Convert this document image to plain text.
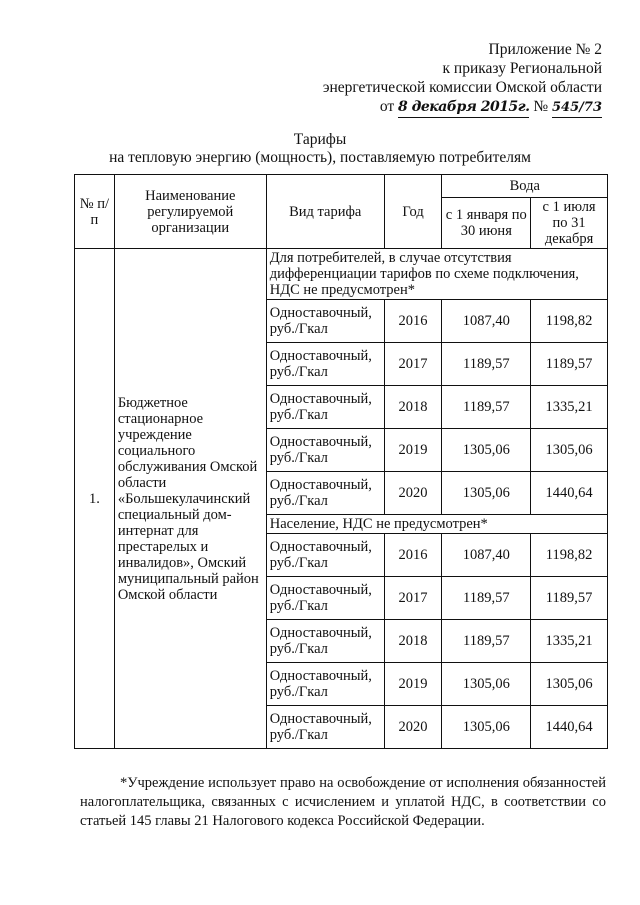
Приложение № 2
к приказу Региональной
энергетической комиссии Омской области
от 8 декабря 2015г. № 545/73
Тарифы
на тепловую энергию (мощность), поставляемую потребителям
№ п/п	Наименование регулируемой организации	Вид тарифа	Год	Вода	
				с 1 января по 30 июня	с 1 июля по 31 декабря
1.	Бюджетное стационарное учреждение социального обслуживания Омской области «Большекулачинский специальный дом-интернат для престарелых и инвалидов», Омский муниципальный район Омской области	Для потребителей, в случае отсутствия дифференциации тарифов по схеме подключения, НДС не предусмотрен*			
		Одноставочный, руб./Гкал	2016	1087,40	1198,82
		Одноставочный, руб./Гкал	2017	1189,57	1189,57
		Одноставочный, руб./Гкал	2018	1189,57	1335,21
		Одноставочный, руб./Гкал	2019	1305,06	1305,06
		Одноставочный, руб./Гкал	2020	1305,06	1440,64
		Население, НДС не предусмотрен*			
		Одноставочный, руб./Гкал	2016	1087,40	1198,82
		Одноставочный, руб./Гкал	2017	1189,57	1189,57
		Одноставочный, руб./Гкал	2018	1189,57	1335,21
		Одноставочный, руб./Гкал	2019	1305,06	1305,06
		Одноставочный, руб./Гкал	2020	1305,06	1440,64
*Учреждение использует право на освобождение от исполнения обязанностей налогоплательщика, связанных с исчислением и уплатой НДС, в соответствии со статьей 145 главы 21 Налогового кодекса Российской Федерации.
